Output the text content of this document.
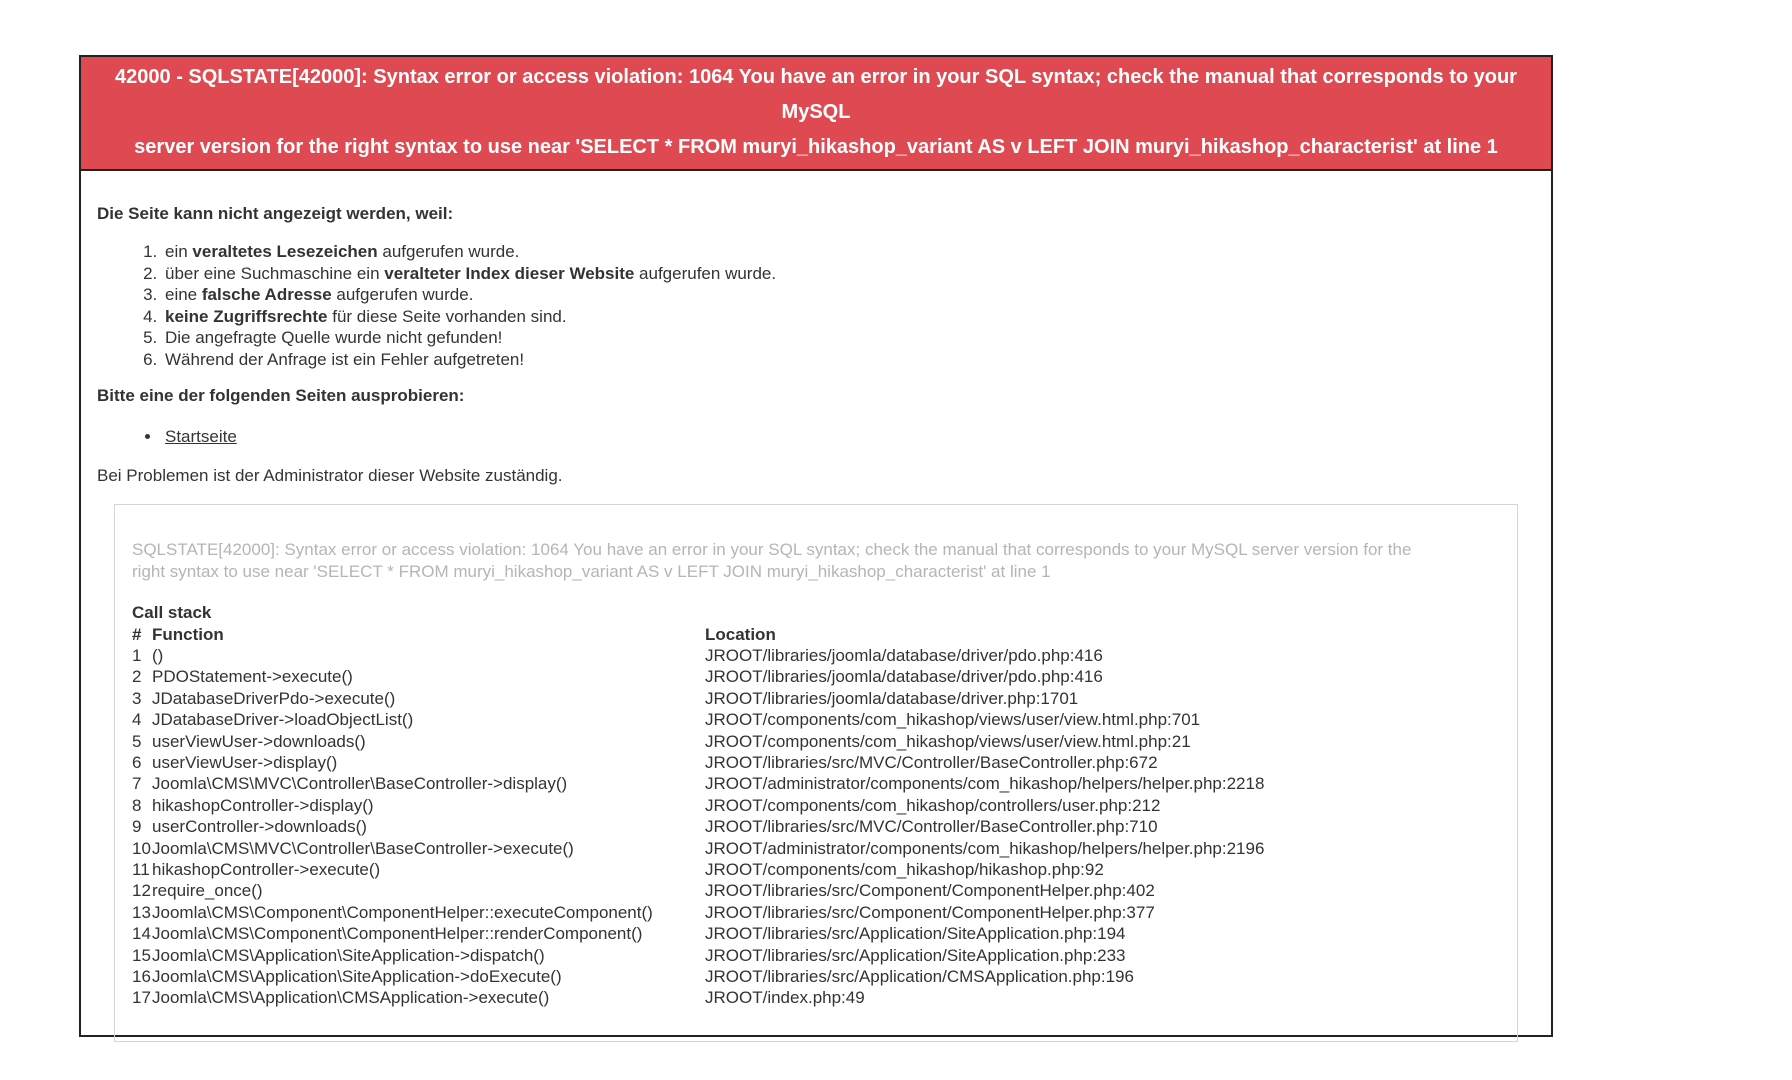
42000 - SQLSTATE[42000]: Syntax error or access violation: 1064 You have an error in your SQL syntax; check the manual that corresponds to your MySQL
server version for the right syntax to use near 'SELECT * FROM muryi_hikashop_variant AS v LEFT JOIN muryi_hikashop_characterist' at line 1
Die Seite kann nicht angezeigt werden, weil:
1. ein veraltetes Lesezeichen aufgerufen wurde.
2. über eine Suchmaschine ein veralteter Index dieser Website aufgerufen wurde.
3. eine falsche Adresse aufgerufen wurde.
4. keine Zugriffsrechte für diese Seite vorhanden sind.
5. Die angefragte Quelle wurde nicht gefunden!
6. Während der Anfrage ist ein Fehler aufgetreten!
Bitte eine der folgenden Seiten ausprobieren:
• Startseite
Bei Problemen ist der Administrator dieser Website zuständig.
SQLSTATE[42000]: Syntax error or access violation: 1064 You have an error in your SQL syntax; check the manual that corresponds to your MySQL server version for the
right syntax to use near 'SELECT * FROM muryi_hikashop_variant AS v LEFT JOIN muryi_hikashop_characterist' at line 1
Call stack
#	Function	Location
1	()	JROOT/libraries/joomla/database/driver/pdo.php:416
2	PDOStatement->execute()	JROOT/libraries/joomla/database/driver/pdo.php:416
3	JDatabaseDriverPdo->execute()	JROOT/libraries/joomla/database/driver.php:1701
4	JDatabaseDriver->loadObjectList()	JROOT/components/com_hikashop/views/user/view.html.php:701
5	userViewUser->downloads()	JROOT/components/com_hikashop/views/user/view.html.php:21
6	userViewUser->display()	JROOT/libraries/src/MVC/Controller/BaseController.php:672
7	Joomla\CMS\MVC\Controller\BaseController->display()	JROOT/administrator/components/com_hikashop/helpers/helper.php:2218
8	hikashopController->display()	JROOT/components/com_hikashop/controllers/user.php:212
9	userController->downloads()	JROOT/libraries/src/MVC/Controller/BaseController.php:710
10	Joomla\CMS\MVC\Controller\BaseController->execute()	JROOT/administrator/components/com_hikashop/helpers/helper.php:2196
11	hikashopController->execute()	JROOT/components/com_hikashop/hikashop.php:92
12	require_once()	JROOT/libraries/src/Component/ComponentHelper.php:402
13	Joomla\CMS\Component\ComponentHelper::executeComponent()	JROOT/libraries/src/Component/ComponentHelper.php:377
14	Joomla\CMS\Component\ComponentHelper::renderComponent()	JROOT/libraries/src/Application/SiteApplication.php:194
15	Joomla\CMS\Application\SiteApplication->dispatch()	JROOT/libraries/src/Application/SiteApplication.php:233
16	Joomla\CMS\Application\SiteApplication->doExecute()	JROOT/libraries/src/Application/CMSApplication.php:196
17	Joomla\CMS\Application\CMSApplication->execute()	JROOT/index.php:49
